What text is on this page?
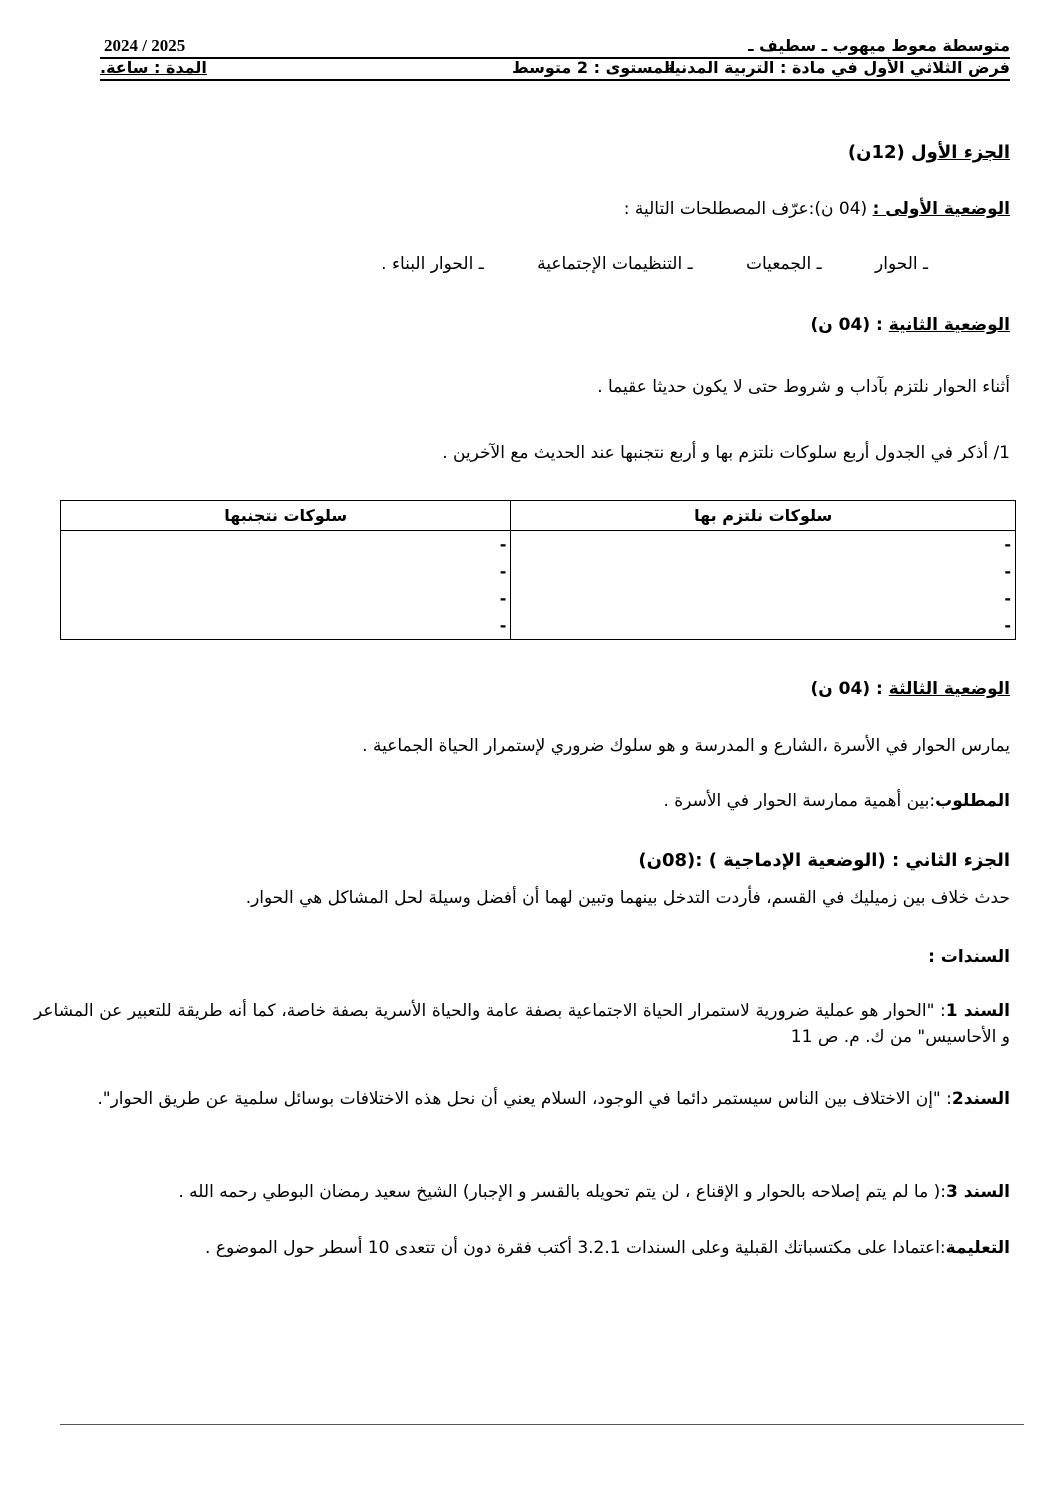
متوسطة معوط ميهوب ـ سطيف ـ
2025 / 2024
فرض الثلاثي الأول في مادة : التربية المدنية
المستوى : 2 متوسط
المدة : ساعة.
الجزء الأول (12ن)
الوضعية الأولى : (04 ن):عرّف المصطلحات التالية :
ـ الحوار ـ الجمعيات ـ التنظيمات الإجتماعية ـ الحوار البناء .
الوضعية الثانية : (04 ن)
أثناء الحوار نلتزم بآداب و شروط حتى لا يكون حديثا عقيما .
1/ أذكر في الجدول أربع سلوكات نلتزم بها و أربع نتجنبها عند الحديث مع الآخرين .
سلوكات نلتزم بها	سلوكات نتجنبها
-	-
-	-
-	-
-	-
الوضعية الثالثة : (04 ن)
يمارس الحوار في الأسرة ،الشارع و المدرسة و هو سلوك ضروري لإستمرار الحياة الجماعية .
المطلوب:بين أهمية ممارسة الحوار في الأسرة .
الجزء الثاني : (الوضعية الإدماجية ) :(08ن)
حدث خلاف بين زميليك في القسم، فأردت التدخل بينهما وتبين لهما أن أفضل وسيلة لحل المشاكل هي الحوار.
السندات :
السند 1: "الحوار هو عملية ضرورية لاستمرار الحياة الاجتماعية بصفة عامة والحياة الأسرية بصفة خاصة، كما أنه طريقة للتعبير عن المشاعر و الأحاسيس" من ك. م. ص 11
السند2: "إن الاختلاف بين الناس سيستمر دائما في الوجود، السلام يعني أن نحل هذه الاختلافات بوسائل سلمية عن طريق الحوار".
السند 3:( ما لم يتم إصلاحه بالحوار و الإقناع ، لن يتم تحويله بالقسر و الإجبار) الشيخ سعيد رمضان البوطي رحمه الله .
التعليمة:اعتمادا على مكتسباتك القبلية وعلى السندات 3.2.1 أكتب فقرة دون أن تتعدى 10 أسطر حول الموضوع .
